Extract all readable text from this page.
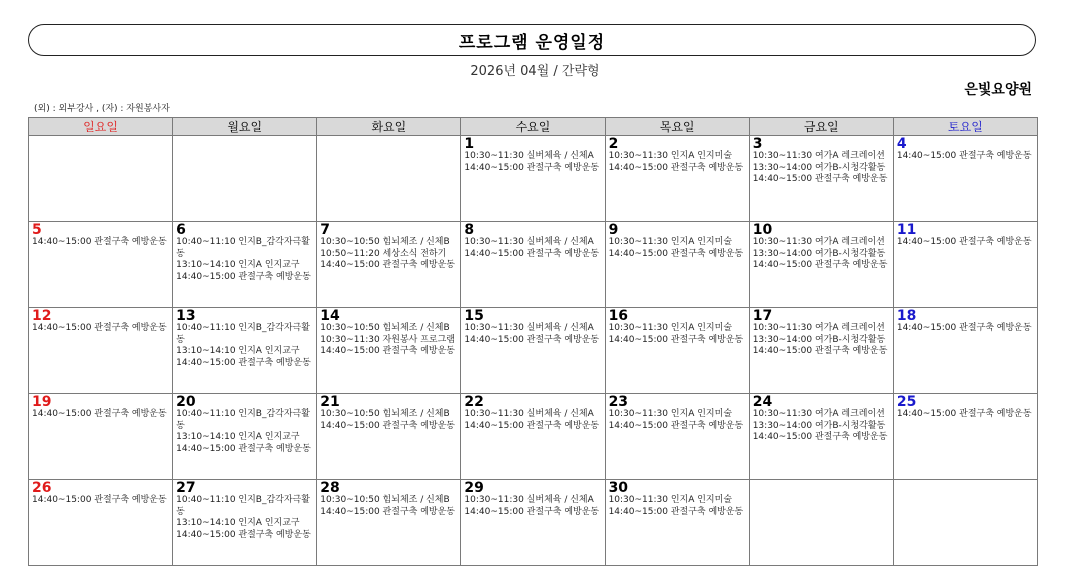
프로그램 운영일정
2026년 04월 / 간략형
은빛요양원
(외) : 외부강사 , (자) : 자원봉사자
일요일	월요일	화요일	수요일	목요일	금요일	토요일

			1
10:30~11:30 실버체육 / 신체A
14:40~15:00 관절구축 예방운동	2
10:30~11:30 인지A 인지미술
14:40~15:00 관절구축 예방운동	3
10:30~11:30 여가A 레크레이션
13:30~14:00 여가B-시청각활동
14:40~15:00 관절구축 예방운동	4
14:40~15:00 관절구축 예방운동

5
14:40~15:00 관절구축 예방운동	6
10:40~11:10 인지B_감각자극활동
13:10~14:10 인지A 인지교구
14:40~15:00 관절구축 예방운동	7
10:30~10:50 힘뇌체조 / 신체B
10:50~11:20 세상소식 전하기
14:40~15:00 관절구축 예방운동	8
10:30~11:30 실버체육 / 신체A
14:40~15:00 관절구축 예방운동	9
10:30~11:30 인지A 인지미술
14:40~15:00 관절구축 예방운동	10
10:30~11:30 여가A 레크레이션
13:30~14:00 여가B-시청각활동
14:40~15:00 관절구축 예방운동	11
14:40~15:00 관절구축 예방운동

12
14:40~15:00 관절구축 예방운동	13
10:40~11:10 인지B_감각자극활동
13:10~14:10 인지A 인지교구
14:40~15:00 관절구축 예방운동	14
10:30~10:50 힘뇌체조 / 신체B
10:30~11:30 자원봉사 프로그램
14:40~15:00 관절구축 예방운동	15
10:30~11:30 실버체육 / 신체A
14:40~15:00 관절구축 예방운동	16
10:30~11:30 인지A 인지미술
14:40~15:00 관절구축 예방운동	17
10:30~11:30 여가A 레크레이션
13:30~14:00 여가B-시청각활동
14:40~15:00 관절구축 예방운동	18
14:40~15:00 관절구축 예방운동

19
14:40~15:00 관절구축 예방운동	20
10:40~11:10 인지B_감각자극활동
13:10~14:10 인지A 인지교구
14:40~15:00 관절구축 예방운동	21
10:30~10:50 힘뇌체조 / 신체B
14:40~15:00 관절구축 예방운동	22
10:30~11:30 실버체육 / 신체A
14:40~15:00 관절구축 예방운동	23
10:30~11:30 인지A 인지미술
14:40~15:00 관절구축 예방운동	24
10:30~11:30 여가A 레크레이션
13:30~14:00 여가B-시청각활동
14:40~15:00 관절구축 예방운동	25
14:40~15:00 관절구축 예방운동

26
14:40~15:00 관절구축 예방운동	27
10:40~11:10 인지B_감각자극활동
13:10~14:10 인지A 인지교구
14:40~15:00 관절구축 예방운동	28
10:30~10:50 힘뇌체조 / 신체B
14:40~15:00 관절구축 예방운동	29
10:30~11:30 실버체육 / 신체A
14:40~15:00 관절구축 예방운동	30
10:30~11:30 인지A 인지미술
14:40~15:00 관절구축 예방운동		
